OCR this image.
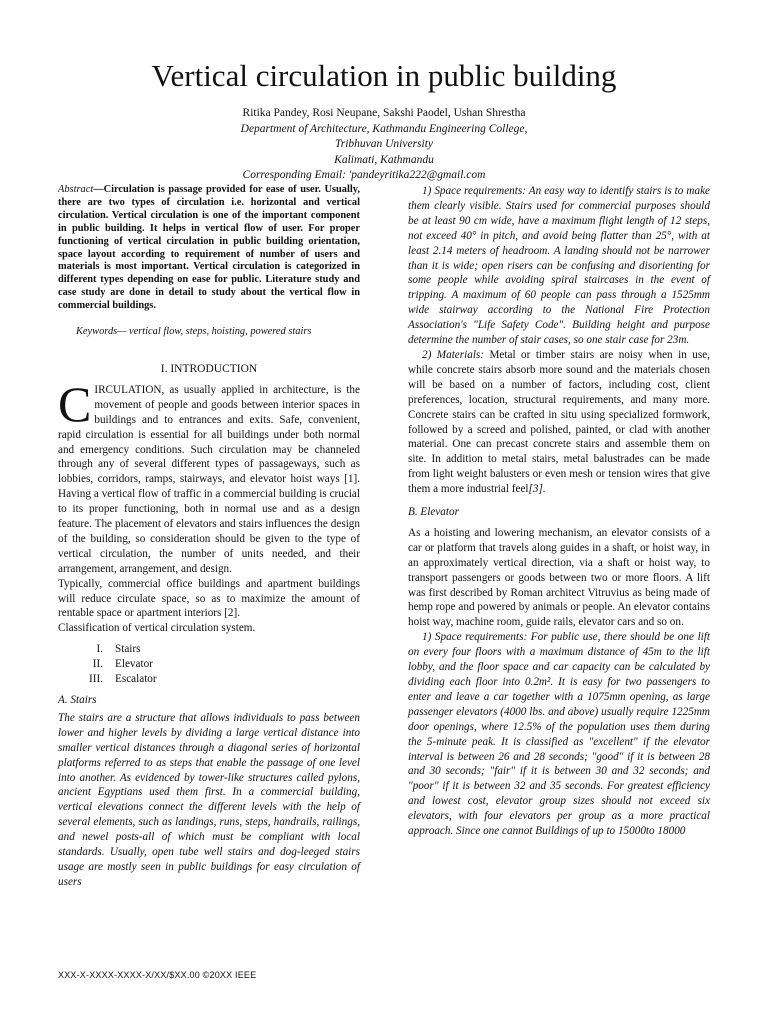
Vertical circulation in public building
Ritika Pandey, Rosi Neupane, Sakshi Paodel, Ushan Shrestha
Department of Architecture, Kathmandu Engineering College,
Tribhuvan University
Kalimati, Kathmandu
Corresponding Email: 'pandeyritika222@gmail.com

Abstract—Circulation is passage provided for ease of user. Usually, there are two types of circulation i.e. horizontal and vertical circulation. Vertical circulation is one of the important component in public building. It helps in vertical flow of user. For proper functioning of vertical circulation in public building orientation, space layout according to requirement of number of users and materials is most important. Vertical circulation is categorized in different types depending on ease for public. Literature study and case study are done in detail to study about the vertical flow in commercial buildings.

Keywords— vertical flow, steps, hoisting, powered stairs

I. INTRODUCTION

CIRCULATION, as usually applied in architecture, is the movement of people and goods between interior spaces in buildings and to entrances and exits. Safe, convenient, rapid circulation is essential for all buildings under both normal and emergency conditions. Such circulation may be channeled through any of several different types of passageways, such as lobbies, corridors, ramps, stairways, and elevator hoist ways [1]. Having a vertical flow of traffic in a commercial building is crucial to its proper functioning, both in normal use and as a design feature. The placement of elevators and stairs influences the design of the building, so consideration should be given to the type of vertical circulation, the number of units needed, and their arrangement, arrangement, and design.

Typically, commercial office buildings and apartment buildings will reduce circulate space, so as to maximize the amount of rentable space or apartment interiors [2].

Classification of vertical circulation system.

I.	Stairs
II.	Elevator
III.	Escalator

A. Stairs

The stairs are a structure that allows individuals to pass between lower and higher levels by dividing a large vertical distance into smaller vertical distances through a diagonal series of horizontal platforms referred to as steps that enable the passage of one level into another. As evidenced by tower-like structures called pylons, ancient Egyptians used them first. In a commercial building, vertical elevations connect the different levels with the help of several elements, such as landings, runs, steps, handrails, railings, and newel posts-all of which must be compliant with local standards. Usually, open tube well stairs and dog-leeged stairs usage are mostly seen in public buildings for easy circulation of users

1) Space requirements: An easy way to identify stairs is to make them clearly visible. Stairs used for commercial purposes should be at least 90 cm wide, have a maximum flight length of 12 steps, not exceed 40° in pitch, and avoid being flatter than 25°, with at least 2.14 meters of headroom. A landing should not be narrower than it is wide; open risers can be confusing and disorienting for some people while avoiding spiral staircases in the event of tripping. A maximum of 60 people can pass through a 1525mm wide stairway according to the National Fire Protection Association's "Life Safety Code". Building height and purpose determine the number of stair cases, so one stair case for 23m.

2) Materials: Metal or timber stairs are noisy when in use, while concrete stairs absorb more sound and the materials chosen will be based on a number of factors, including cost, client preferences, location, structural requirements, and many more. Concrete stairs can be crafted in situ using specialized formwork, followed by a screed and polished, painted, or clad with another material. One can precast concrete stairs and assemble them on site. In addition to metal stairs, metal balustrades can be made from light weight balusters or even mesh or tension wires that give them a more industrial feel[3].

B. Elevator

As a hoisting and lowering mechanism, an elevator consists of a car or platform that travels along guides in a shaft, or hoist way, in an approximately vertical direction, via a shaft or hoist way, to transport passengers or goods between two or more floors. A lift was first described by Roman architect Vitruvius as being made of hemp rope and powered by animals or people. An elevator contains hoist way, machine room, guide rails, elevator cars and so on.

1) Space requirements: For public use, there should be one lift on every four floors with a maximum distance of 45m to the lift lobby, and the floor space and car capacity can be calculated by dividing each floor into 0.2m². It is easy for two passengers to enter and leave a car together with a 1075mm opening, as large passenger elevators (4000 lbs. and above) usually require 1225mm door openings, where 12.5% of the population uses them during the 5-minute peak. It is classified as "excellent" if the elevator interval is between 26 and 28 seconds; "good" if it is between 28 and 30 seconds; "fair" if it is between 30 and 32 seconds; and "poor" if it is between 32 and 35 seconds. For greatest efficiency and lowest cost, elevator group sizes should not exceed six elevators, with four elevators per group as a more practical approach. Since one cannot Buildings of up to 15000to 18000

XXX-X-XXXX-XXXX-X/XX/$XX.00 ©20XX IEEE
